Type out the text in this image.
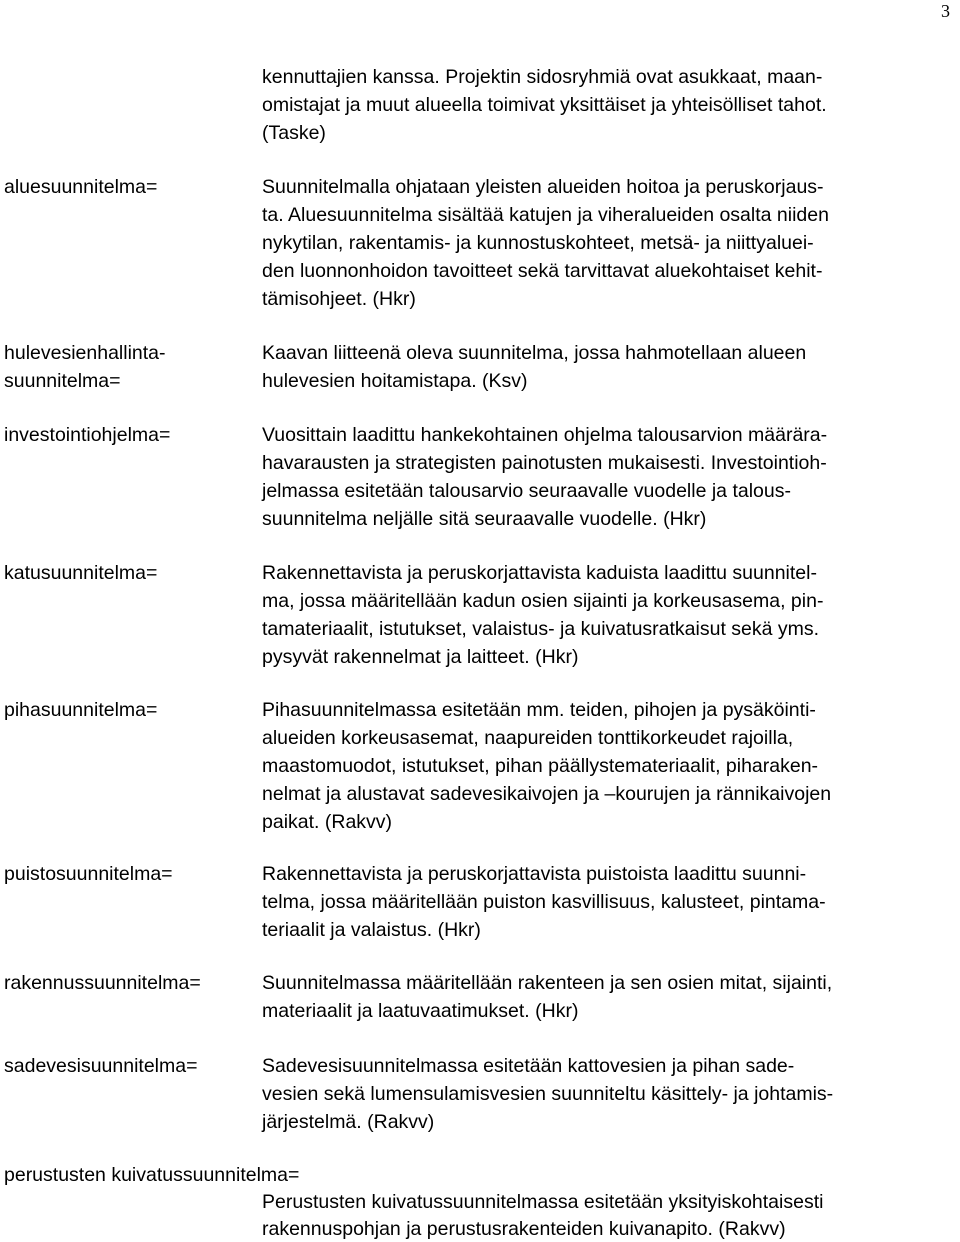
3
kennuttajien kanssa. Projektin sidosryhmiä ovat asukkaat, maan-
omistajat ja muut alueella toimivat yksittäiset ja yhteisölliset tahot.
(Taske)
aluesuunnitelma=	Suunnitelmalla ohjataan yleisten alueiden hoitoa ja peruskorjaus-
ta. Aluesuunnitelma sisältää katujen ja viheralueiden osalta niiden
nykytilan, rakentamis- ja kunnostuskohteet, metsä- ja niittyaluei-
den luonnonhoidon tavoitteet sekä tarvittavat aluekohtaiset kehit-
tämisohjeet. (Hkr)
hulevesienhallinta-
suunnitelma=
Kaavan liitteenä oleva suunnitelma, jossa hahmotellaan alueen
hulevesien hoitamistapa. (Ksv)
investointiohjelma=	Vuosittain laadittu hankekohtainen ohjelma talousarvion määrära-
havarausten ja strategisten painotusten mukaisesti. Investointioh-
jelmassa esitetään talousarvio seuraavalle vuodelle ja talous-
suunnitelma neljälle sitä seuraavalle vuodelle. (Hkr)
katusuunnitelma=	Rakennettavista ja peruskorjattavista kaduista laadittu suunnitel-
ma, jossa määritellään kadun osien sijainti ja korkeusasema, pin-
tamateriaalit, istutukset, valaistus- ja kuivatusratkaisut sekä yms.
pysyvät rakennelmat ja laitteet. (Hkr)
pihasuunnitelma=	Pihasuunnitelmassa esitetään mm. teiden, pihojen ja pysäköinti-
alueiden korkeusasemat, naapureiden tonttikorkeudet rajoilla,
maastomuodot, istutukset, pihan päällystemateriaalit, piharaken-
nelmat ja alustavat sadevesikaivojen ja –kourujen ja rännikaivojen
paikat. (Rakvv)
puistosuunnitelma=	Rakennettavista ja peruskorjattavista puistoista laadittu suunni-
telma, jossa määritellään puiston kasvillisuus, kalusteet, pintama-
teriaalit ja valaistus. (Hkr)
rakennussuunnitelma=	Suunnitelmassa määritellään rakenteen ja sen osien mitat, sijainti,
materiaalit ja laatuvaatimukset. (Hkr)
sadevesisuunnitelma=	Sadevesisuunnitelmassa esitetään kattovesien ja pihan sade-
vesien sekä lumensulamisvesien suunniteltu käsittely- ja johtamis-
järjestelmä. (Rakvv)
perustusten kuivatussuunnitelma=
Perustusten kuivatussuunnitelmassa esitetään yksityiskohtaisesti
rakennuspohjan ja perustusrakenteiden kuivanapito. (Rakvv)
